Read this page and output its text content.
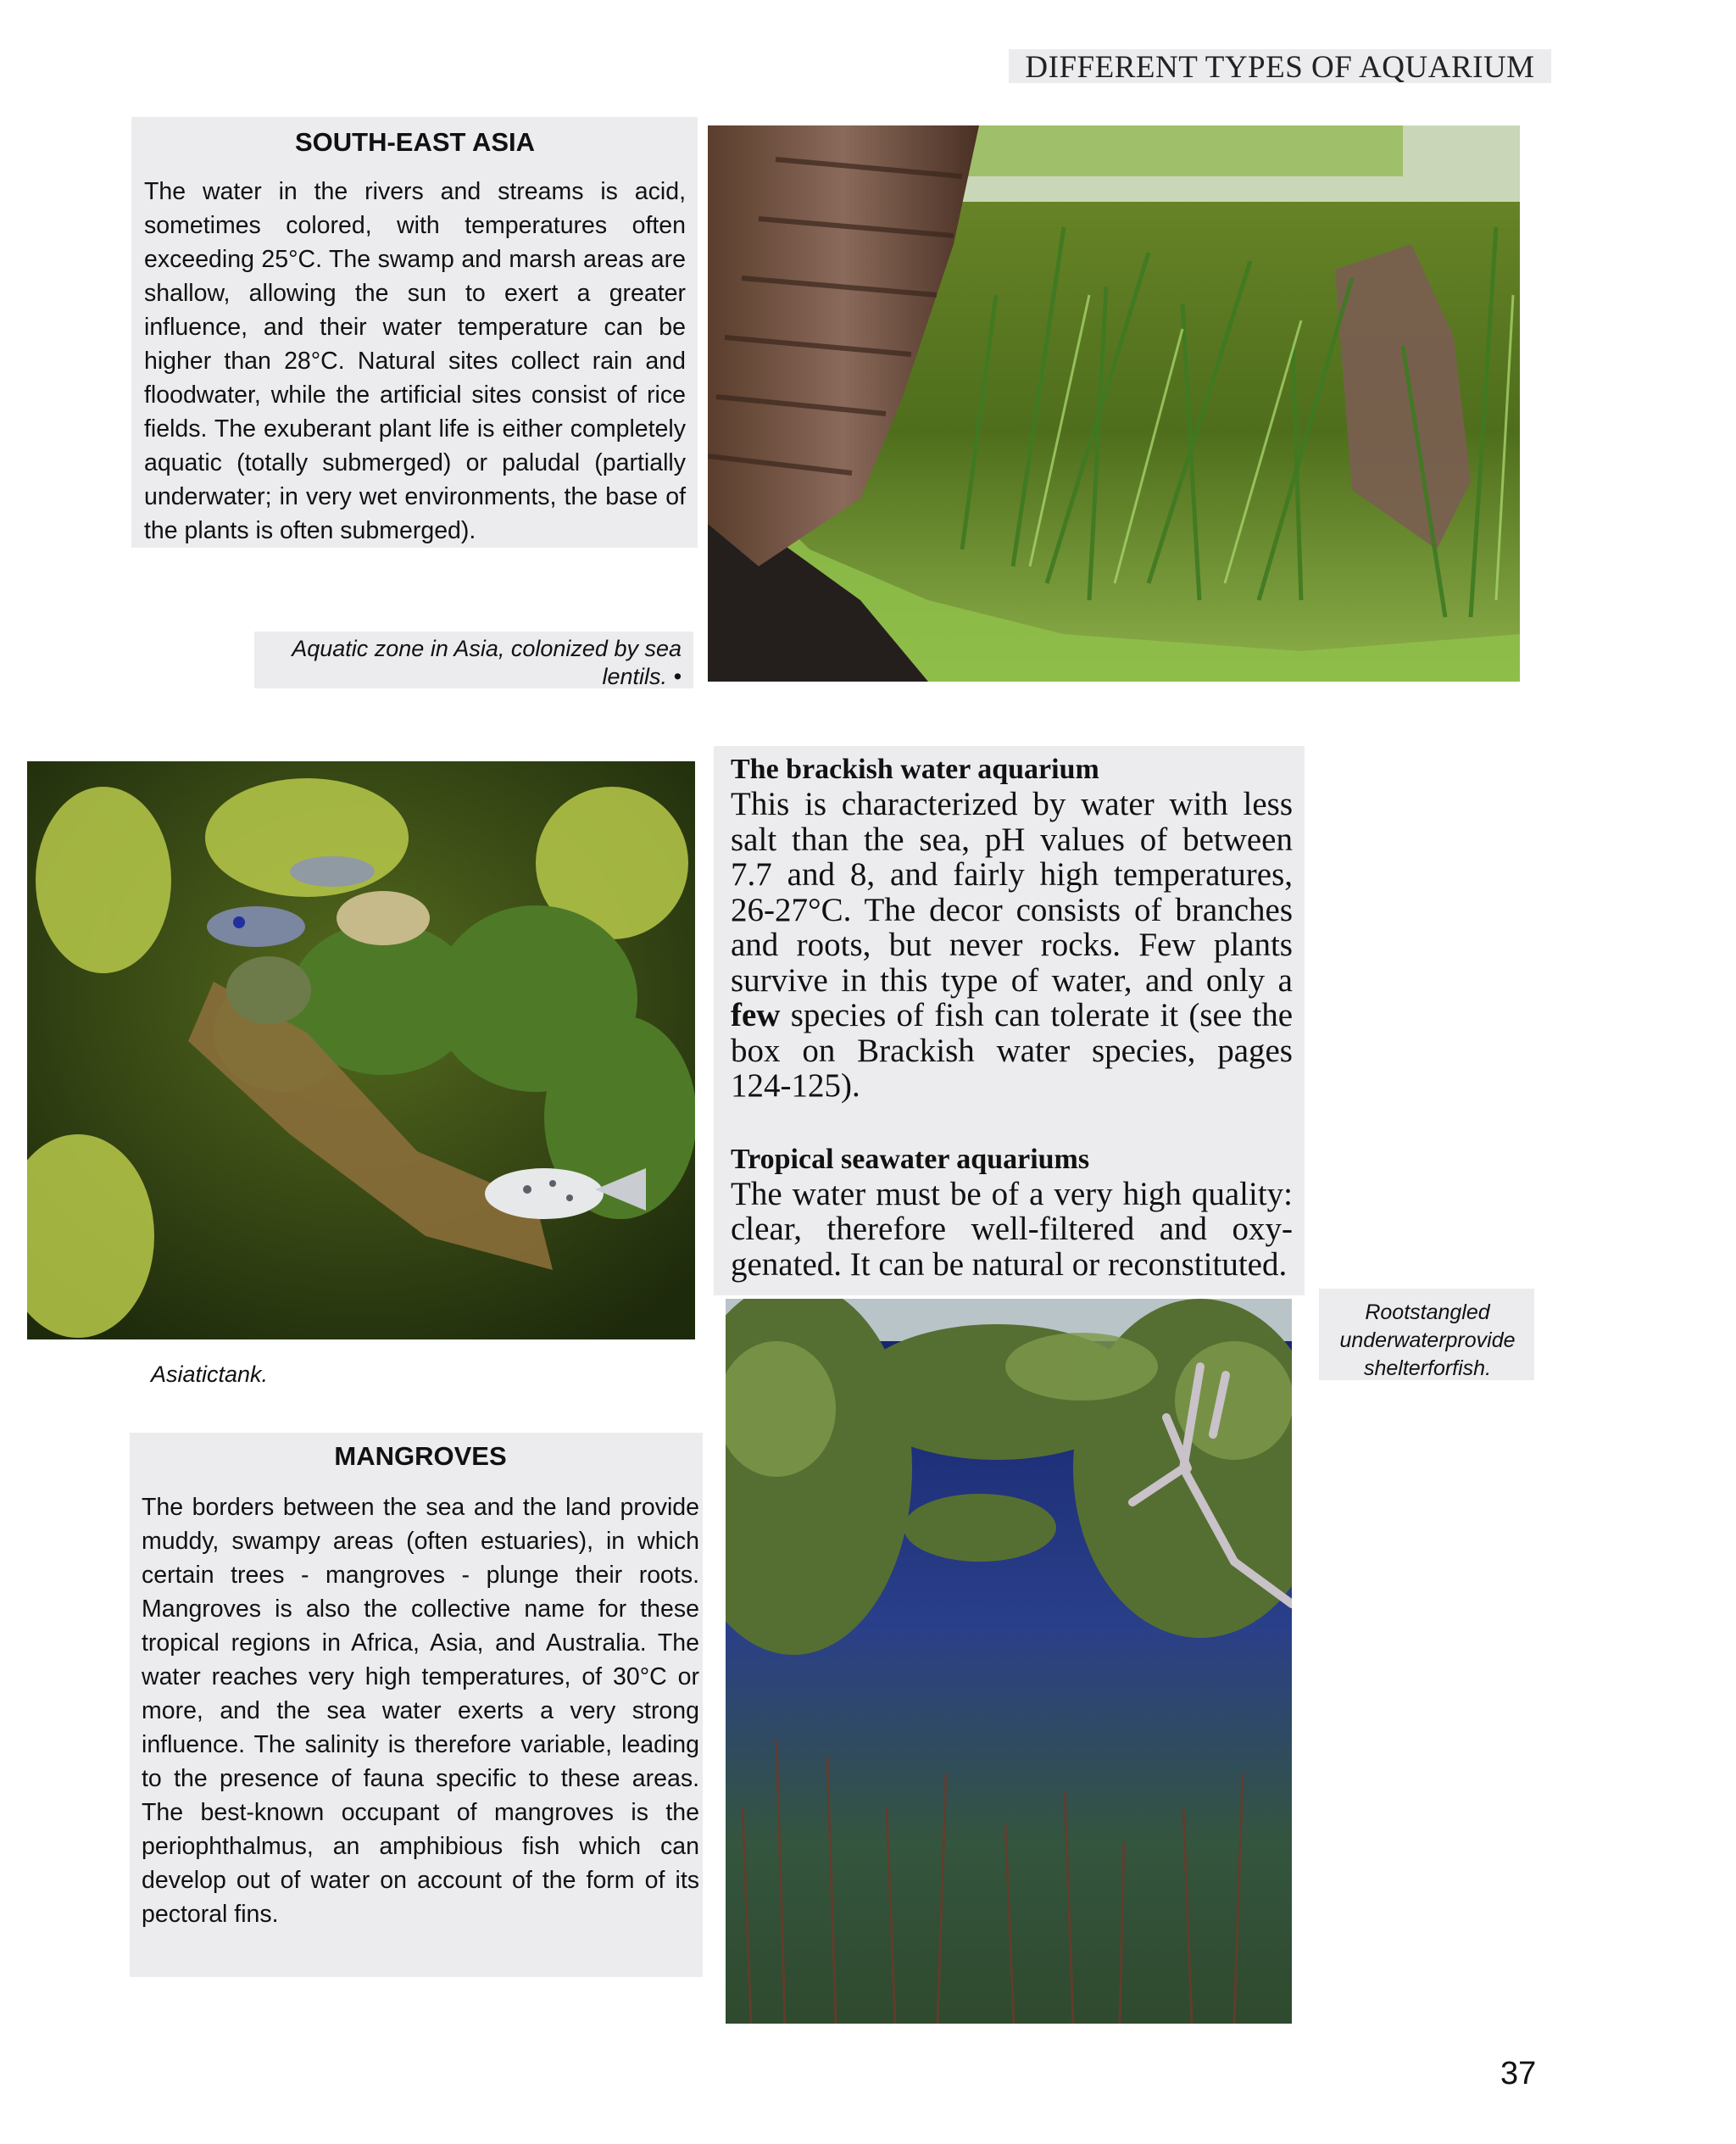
DIFFERENT TYPES OF AQUARIUM

SOUTH-EAST ASIA

The water in the rivers and streams is acid, sometimes colored, with temperatures often exceeding 25°C. The swamp and marsh areas are shallow, allowing the sun to exert a greater influence, and their water temperature can be higher than 28°C. Natural sites collect rain and floodwater, while the artificial sites consist of rice fields. The exuberant plant life is either completely aquatic (totally submerged) or paludal (partially underwater; in very wet environments, the base of the plants is often submerged).

Aquatic zone in Asia, colonized by sea lentils. •
Asiatictank.

The brackish water aquarium

This is characterized by water with less salt than the sea, pH values of between 7.7 and 8, and fairly high temperatures, 26-27°C. The decor consists of branches and roots, but never rocks. Few plants survive in this type of water, and only a few species of fish can tolerate it (see the box on Brackish water species, pages 124-125).

Tropical seawater aquariums

The water must be of a very high quality: clear, therefore well-filtered and oxy-genated. It can be natural or reconstituted.

Rootstangled underwaterprovide shelterforfish.

MANGROVES

The borders between the sea and the land provide muddy, swampy areas (often estuaries), in which certain trees - mangroves - plunge their roots. Mangroves is also the collective name for these tropical regions in Africa, Asia, and Australia. The water reaches very high temperatures, of 30°C or more, and the sea water exerts a very strong influence. The salinity is therefore variable, leading to the presence of fauna specific to these areas. The best-known occupant of mangroves is the periophthalmus, an amphibious fish which can develop out of water on account of the form of its pectoral fins.

37
